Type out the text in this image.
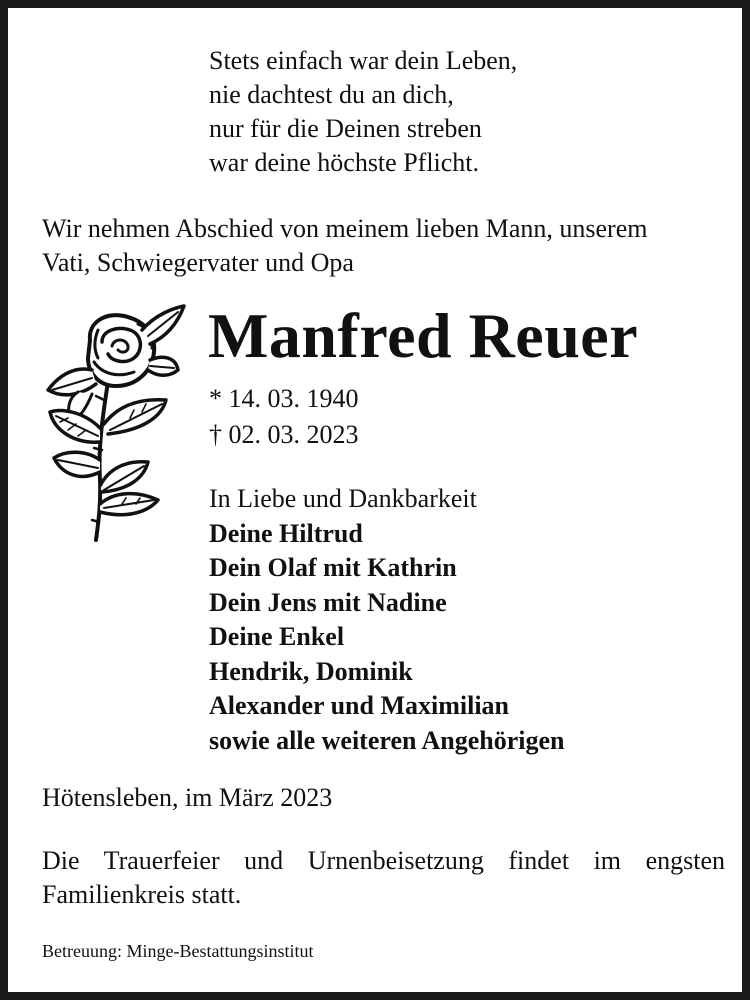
Stets einfach war dein Leben,
nie dachtest du an dich,
nur für die Deinen streben
war deine höchste Pflicht.
Wir nehmen Abschied von meinem lieben Mann, unserem
Vati, Schwiegervater und Opa
Manfred Reuer
* 14. 03. 1940
† 02. 03. 2023
In Liebe und Dankbarkeit
Deine Hiltrud
Dein Olaf mit Kathrin
Dein Jens mit Nadine
Deine Enkel
Hendrik, Dominik
Alexander und Maximilian
sowie alle weiteren Angehörigen
Hötensleben, im März 2023
Die Trauerfeier und Urnenbeisetzung findet im engsten
Familienkreis statt.
Betreuung: Minge-Bestattungsinstitut
